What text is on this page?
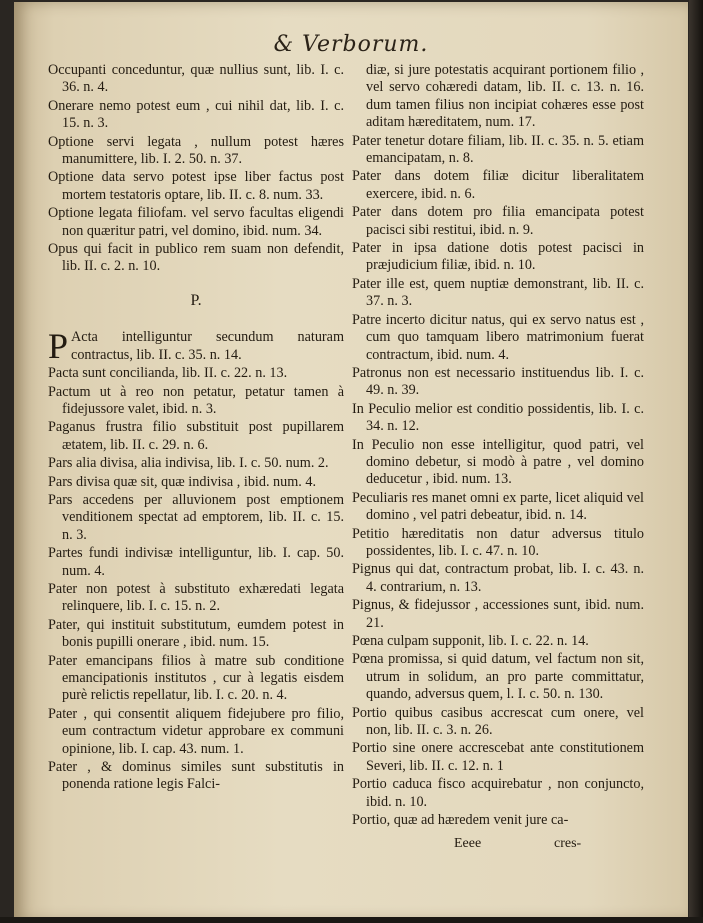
& Verborum.

Occupanti conceduntur, quæ nullius sunt, lib. I. c. 36. n. 4.

Onerare nemo potest eum , cui nihil dat, lib. I. c. 15. n. 3.

Optione servi legata , nullum potest hæres manumittere, lib. I. 2. 50. n. 37.

Optione data servo potest ipse liber factus post mortem testatoris optare, lib. II. c. 8. num. 33.

Optione legata filiofam. vel servo facultas eligendi non quæritur patri, vel domino, ibid. num. 34.

Opus qui facit in publico rem suam non defendit, lib. II. c. 2. n. 10.

P.

P Acta intelliguntur secundum naturam contractus, lib. II. c. 35. n. 14.

Pacta sunt conciliandа, lib. II. c. 22. n. 13.

Pactum ut à reo non petatur, petatur tamen à fidejussore valet, ibid. n. 3.

Paganus frustra filio substituit post pupillarem ætatem, lib. II. c. 29. n. 6.

Pars alia divisa, alia indivisa, lib. I. c. 50. num. 2.

Pars divisa quæ sit, quæ indivisa , ibid. num. 4.

Pars accedens per alluvionem post emptionem venditionem spectat ad emptorem, lib. II. c. 15. n. 3.

Partes fundi indivisæ intelliguntur, lib. I. cap. 50. num. 4.

Pater non potest à substituto exhæredati legata relinquere, lib. I. c. 15. n. 2.

Pater, qui instituit substitutum, eumdem potest in bonis pupilli onerare , ibid. num. 15.

Pater emancipans filios à matre sub conditione emancipationis institutos , cur à legatis eisdem purè relictis repellatur, lib. I. c. 20. n. 4.

Pater , qui consentit aliquem fidejubere pro filio, eum contractum videtur approbare ex communi opinione, lib. I. cap. 43. num. 1.

Pater , & dominus similes sunt substitutis in ponenda ratione legis Falci-

diæ, si jure potestatis acquirant portionem filio , vel servo cohæredi datam, lib. II. c. 13. n. 16. dum tamen filius non incipiat cohæres esse post aditam hæreditatem, num. 17.

Pater tenetur dotare filiam, lib. II. c. 35. n. 5. etiam emancipatam, n. 8.

Pater dans dotem filiæ dicitur liberalitatem exercere, ibid. n. 6.

Pater dans dotem pro filia emancipata potest pacisci sibi restitui, ibid. n. 9.

Pater in ipsa datione dotis potest pacisci in præjudicium filiæ, ibid. n. 10.

Pater ille est, quem nuptiæ demonstrant, lib. II. c. 37. n. 3.

Patre incerto dicitur natus, qui ex servo natus est , cum quo tamquam libero matrimonium fuerat contractum, ibid. num. 4.

Patronus non est necessario instituendus lib. I. c. 49. n. 39.

In Peculio melior est conditio possidentis, lib. I. c. 34. n. 12.

In Peculio non esse intelligitur, quod patri, vel domino debetur, si modò à patre , vel domino deducetur , ibid. num. 13.

Peculiaris res manet omni ex parte, licet aliquid vel domino , vel patri debeatur, ibid. n. 14.

Petitio hæreditatis non datur adversus titulo possidentes, lib. I. c. 47. n. 10.

Pignus qui dat, contractum probat, lib. I. c. 43. n. 4. contrarium, n. 13.

Pignus, & fidejussor , accessiones sunt, ibid. num. 21.

Pœna culpam supponit, lib. I. c. 22. n. 14.

Pœna promissa, si quid datum, vel factum non sit, utrum in solidum, an pro parte committatur, quando, adversus quem, l. I. c. 50. n. 130.

Portio quibus casibus accrescat cum onere, vel non, lib. II. c. 3. n. 26.

Portio sine onere accrescebat ante constitutionem Severi, lib. II. c. 12. n. 1

Portio caduca fisco acquirebatur , non conjuncto, ibid. n. 10.

Portio, quæ ad hæredem venit jure ca-

Eeee	cres-
